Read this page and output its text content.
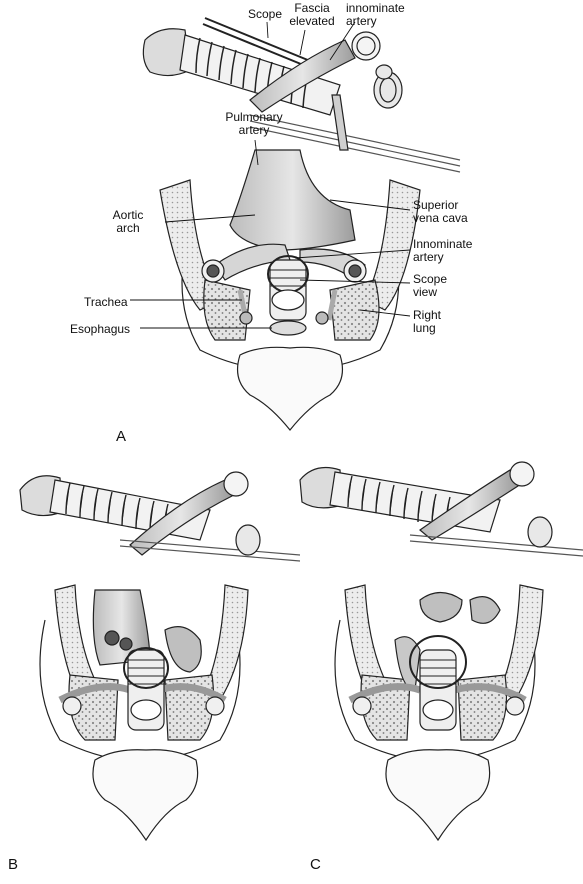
Scope	Fascia
elevated
innominate
artery
Pulmonary
artery
Aortic
arch
Superior
vena cava
Innominate
artery
Scope
view
Trachea
Esophagus
Right
lung
A
B	C
